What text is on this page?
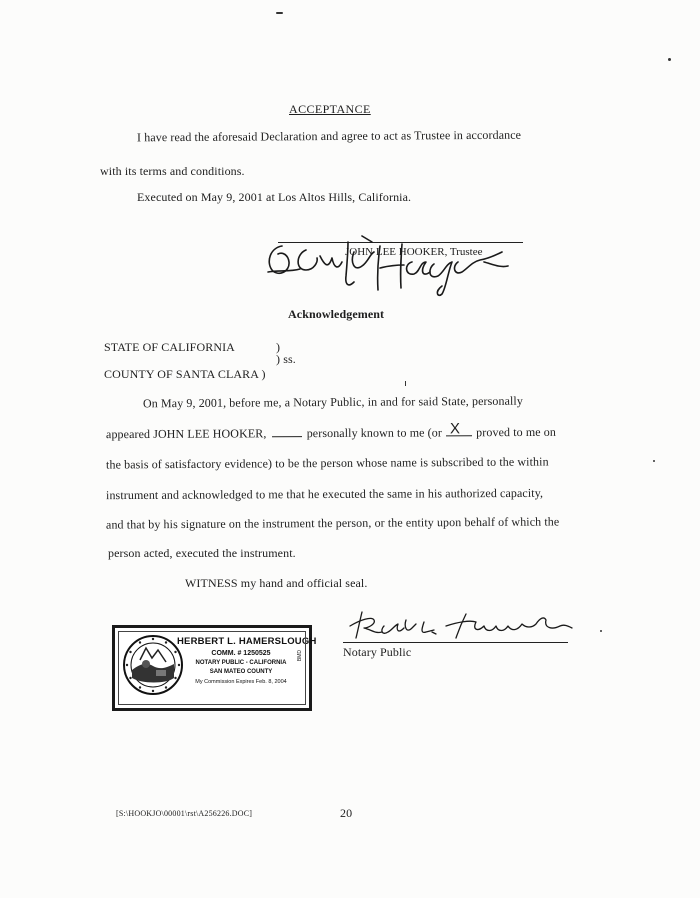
ACCEPTANCE
I have read the aforesaid Declaration and agree to act as Trustee in accordance
with its terms and conditions.
Executed on May 9, 2001 at Los Altos Hills, California.
JOHN LEE HOOKER, Trustee
Acknowledgement
STATE OF CALIFORNIA	)
) ss.
COUNTY OF SANTA CLARA )
On May 9, 2001, before me, a Notary Public, in and for said State, personally
appeared JOHN LEE HOOKER,	personally known to me (or X proved to me on
the basis of satisfactory evidence) to be the person whose name is subscribed to the within
instrument and acknowledged to me that he executed the same in his authorized capacity,
and that by his signature on the instrument the person, or the entity upon behalf of which the
person acted, executed the instrument.
WITNESS my hand and official seal.
Notary Public
HERBERT L. HAMERSLOUGH
COMM. # 1250525
NOTARY PUBLIC - CALIFORNIA
SAN MATEO COUNTY
My Commission Expires Feb. 8, 2004
BMD
[S:\HOOKJO\00001\rst\A256226.DOC]	20
